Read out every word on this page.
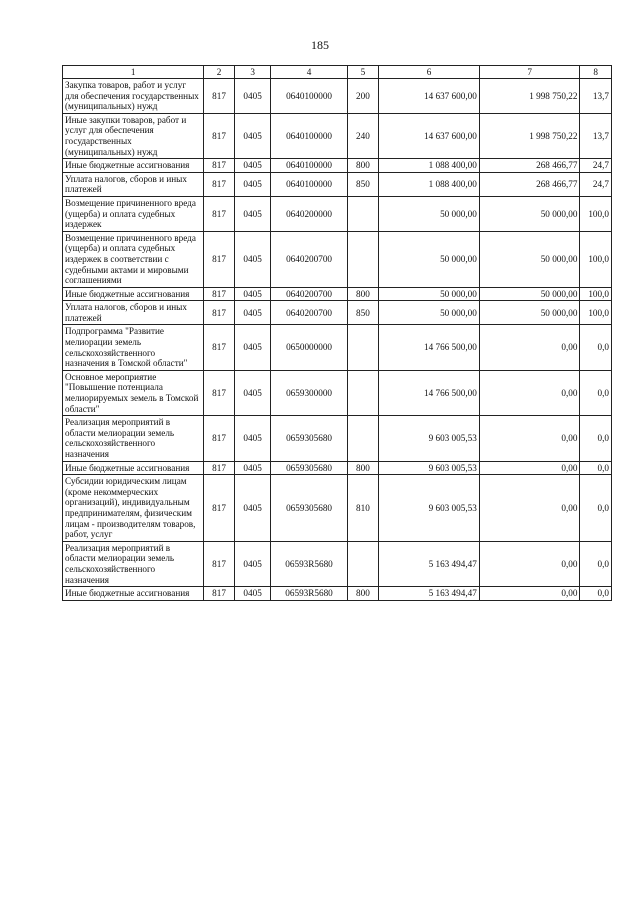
185
1	2	3	4	5	6	7	8
Закупка товаров, работ и услуг для обеспечения государственных (муниципальных) нужд	817	0405	0640100000	200	14 637 600,00	1 998 750,22	13,7
Иные закупки товаров, работ и услуг для обеспечения государственных (муниципальных) нужд	817	0405	0640100000	240	14 637 600,00	1 998 750,22	13,7
Иные бюджетные ассигнования	817	0405	0640100000	800	1 088 400,00	268 466,77	24,7
Уплата налогов, сборов и иных платежей	817	0405	0640100000	850	1 088 400,00	268 466,77	24,7
Возмещение причиненного вреда (ущерба) и оплата судебных издержек	817	0405	0640200000		50 000,00	50 000,00	100,0
Возмещение причиненного вреда (ущерба) и оплата судебных издержек в соответствии с судебными актами и мировыми соглашениями	817	0405	0640200700		50 000,00	50 000,00	100,0
Иные бюджетные ассигнования	817	0405	0640200700	800	50 000,00	50 000,00	100,0
Уплата налогов, сборов и иных платежей	817	0405	0640200700	850	50 000,00	50 000,00	100,0
Подпрограмма "Развитие мелиорации земель сельскохозяйственного назначения в Томской области"	817	0405	0650000000		14 766 500,00	0,00	0,0
Основное мероприятие "Повышение потенциала мелиорируемых земель в Томской области"	817	0405	0659300000		14 766 500,00	0,00	0,0
Реализация мероприятий в области мелиорации земель сельскохозяйственного назначения	817	0405	0659305680		9 603 005,53	0,00	0,0
Иные бюджетные ассигнования	817	0405	0659305680	800	9 603 005,53	0,00	0,0
Субсидии юридическим лицам (кроме некоммерческих организаций), индивидуальным предпринимателям, физическим лицам - производителям товаров, работ, услуг	817	0405	0659305680	810	9 603 005,53	0,00	0,0
Реализация мероприятий в области мелиорации земель сельскохозяйственного назначения	817	0405	06593R5680		5 163 494,47	0,00	0,0
Иные бюджетные ассигнования	817	0405	06593R5680	800	5 163 494,47	0,00	0,0
